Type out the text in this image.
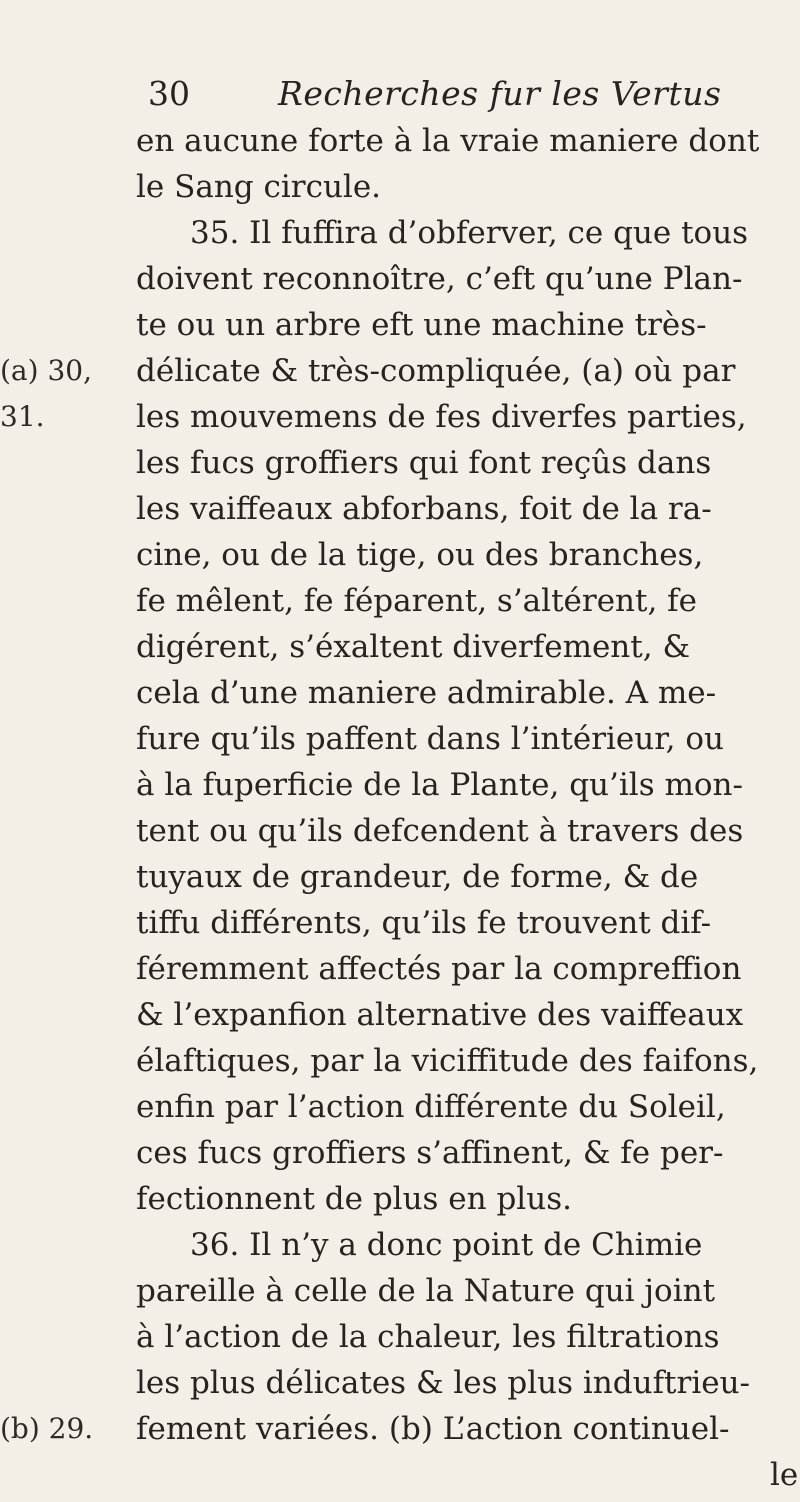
30	Recherches fur les Vertus
en aucune forte à la vraie maniere dont
le Sang circule.
35. Il fuffira d’obferver, ce que tous
doivent reconnoître, c’eft qu’une Plan-
te ou un arbre eft une machine très-
délicate & très-compliquée, (a) où par
les mouvemens de fes diverfes parties,
les fucs groffiers qui font reçûs dans
les vaiffeaux abforbans, foit de la ra-
cine, ou de la tige, ou des branches,
fe mêlent, fe féparent, s’altérent, fe
digérent, s’éxaltent diverfement, &
cela d’une maniere admirable. A me-
fure qu’ils paffent dans l’intérieur, ou
à la fuperficie de la Plante, qu’ils mon-
tent ou qu’ils defcendent à travers des
tuyaux de grandeur, de forme, & de
tiffu différents, qu’ils fe trouvent dif-
féremment affectés par la compreffion
& l’expanfion alternative des vaiffeaux
élaftiques, par la viciffitude des faifons,
enfin par l’action différente du Soleil,
ces fucs groffiers s’affinent, & fe per-
fectionnent de plus en plus.
36. Il n’y a donc point de Chimie
pareille à celle de la Nature qui joint
à l’action de la chaleur, les filtrations
les plus délicates & les plus induftrieu-
fement variées. (b) L’action continuel-
le
(a) 30,
31.
(b) 29.
